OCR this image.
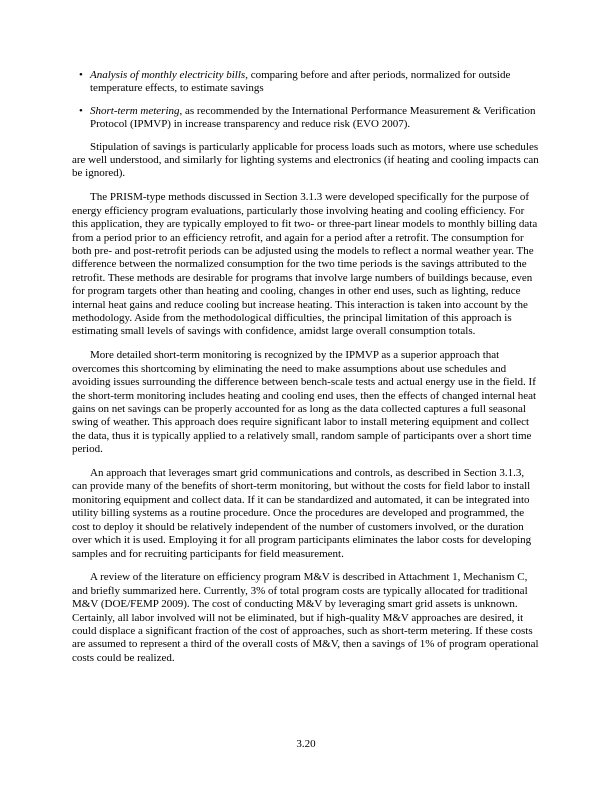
• Analysis of monthly electricity bills, comparing before and after periods, normalized for outside temperature effects, to estimate savings
• Short-term metering, as recommended by the International Performance Measurement & Verification Protocol (IPMVP) in increase transparency and reduce risk (EVO 2007).

Stipulation of savings is particularly applicable for process loads such as motors, where use schedules are well understood, and similarly for lighting systems and electronics (if heating and cooling impacts can be ignored).

The PRISM-type methods discussed in Section 3.1.3 were developed specifically for the purpose of energy efficiency program evaluations, particularly those involving heating and cooling efficiency. For this application, they are typically employed to fit two- or three-part linear models to monthly billing data from a period prior to an efficiency retrofit, and again for a period after a retrofit. The consumption for both pre- and post-retrofit periods can be adjusted using the models to reflect a normal weather year. The difference between the normalized consumption for the two time periods is the savings attributed to the retrofit. These methods are desirable for programs that involve large numbers of buildings because, even for program targets other than heating and cooling, changes in other end uses, such as lighting, reduce internal heat gains and reduce cooling but increase heating. This interaction is taken into account by the methodology. Aside from the methodological difficulties, the principal limitation of this approach is estimating small levels of savings with confidence, amidst large overall consumption totals.

More detailed short-term monitoring is recognized by the IPMVP as a superior approach that overcomes this shortcoming by eliminating the need to make assumptions about use schedules and avoiding issues surrounding the difference between bench-scale tests and actual energy use in the field. If the short-term monitoring includes heating and cooling end uses, then the effects of changed internal heat gains on net savings can be properly accounted for as long as the data collected captures a full seasonal swing of weather. This approach does require significant labor to install metering equipment and collect the data, thus it is typically applied to a relatively small, random sample of participants over a short time period.

An approach that leverages smart grid communications and controls, as described in Section 3.1.3, can provide many of the benefits of short-term monitoring, but without the costs for field labor to install monitoring equipment and collect data. If it can be standardized and automated, it can be integrated into utility billing systems as a routine procedure. Once the procedures are developed and programmed, the cost to deploy it should be relatively independent of the number of customers involved, or the duration over which it is used. Employing it for all program participants eliminates the labor costs for developing samples and for recruiting participants for field measurement.

A review of the literature on efficiency program M&V is described in Attachment 1, Mechanism C, and briefly summarized here. Currently, 3% of total program costs are typically allocated for traditional M&V (DOE/FEMP 2009). The cost of conducting M&V by leveraging smart grid assets is unknown. Certainly, all labor involved will not be eliminated, but if high-quality M&V approaches are desired, it could displace a significant fraction of the cost of approaches, such as short-term metering. If these costs are assumed to represent a third of the overall costs of M&V, then a savings of 1% of program operational costs could be realized.

3.20
